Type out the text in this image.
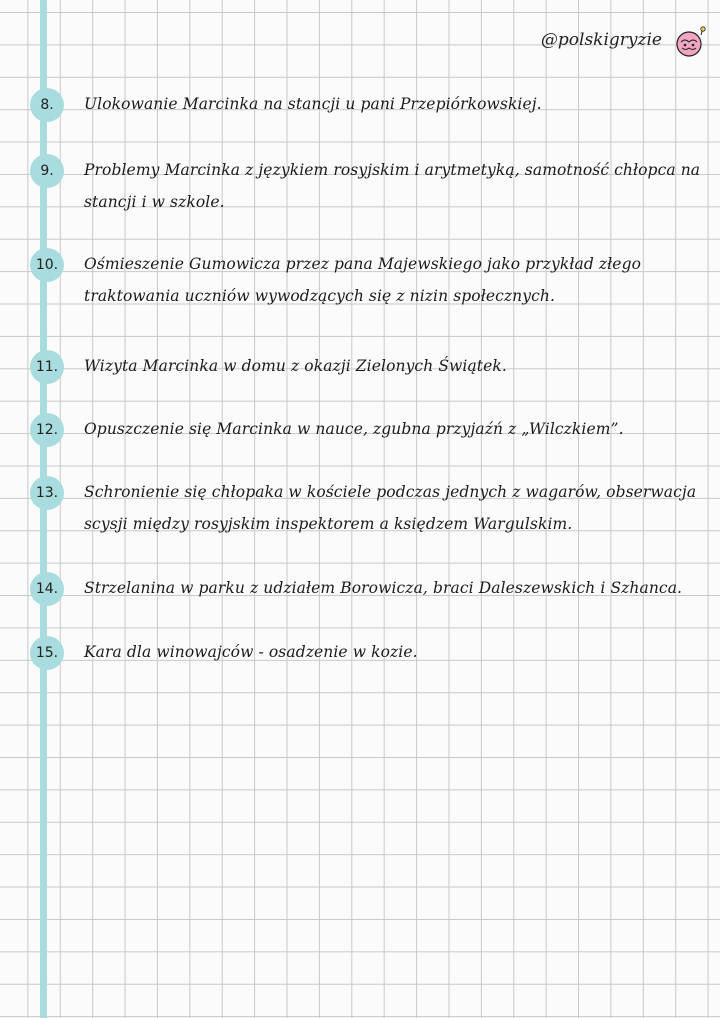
@polskigryzie
8. Ulokowanie Marcinka na stancji u pani Przepiórkowskiej.
9. Problemy Marcinka z językiem rosyjskim i arytmetyką, samotność chłopca na stancji i w szkole.
10. Ośmieszenie Gumowicza przez pana Majewskiego jako przykład złego traktowania uczniów wywodzących się z nizin społecznych.
11. Wizyta Marcinka w domu z okazji Zielonych Świątek.
12. Opuszczenie się Marcinka w nauce, zgubna przyjaźń z „Wilczkiem”.
13. Schronienie się chłopaka w kościele podczas jednych z wagarów, obserwacja scysji między rosyjskim inspektorem a księdzem Wargulskim.
14. Strzelanina w parku z udziałem Borowicza, braci Daleszewskich i Szhanca.
15. Kara dla winowajców - osadzenie w kozie.
